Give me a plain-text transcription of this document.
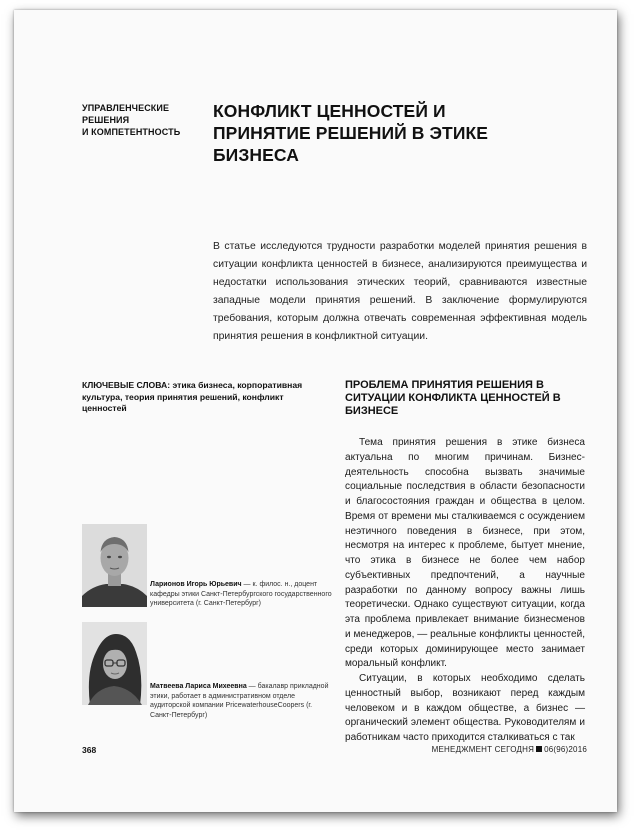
УПРАВЛЕНЧЕСКИЕ
РЕШЕНИЯ
И КОМПЕТЕНТНОСТЬ
КОНФЛИКТ ЦЕННОСТЕЙ И ПРИНЯТИЕ РЕШЕНИЙ В ЭТИКЕ БИЗНЕСА
В статье исследуются трудности разработки моделей принятия решения в ситуации конфликта ценностей в бизнесе, анализируются преимущества и недостатки использования этических теорий, сравниваются известные западные модели принятия решений. В заключение формулируются требования, которым должна отвечать современная эффективная модель принятия решения в конфликтной ситуации.
КЛЮЧЕВЫЕ СЛОВА: этика бизнеса, корпоративная культура, теория принятия решений, конфликт ценностей
ПРОБЛЕМА ПРИНЯТИЯ РЕШЕНИЯ В СИТУАЦИИ КОНФЛИКТА ЦЕННОСТЕЙ В БИЗНЕСЕ

Тема принятия решения в этике бизнеса актуальна по многим причинам. Бизнес-деятельность способна вызвать значимые социальные последствия в области безопасности и благосостояния граждан и общества в целом. Время от времени мы сталкиваемся с осуждением неэтичного поведения в бизнесе, при этом, несмотря на интерес к проблеме, бытует мнение, что этика в бизнесе не более чем набор субъективных предпочтений, а научные разработки по данному вопросу важны лишь теоретически. Однако существуют ситуации, когда эта проблема привлекает внимание бизнесменов и менеджеров, — реальные конфликты ценностей, среди которых доминирующее место занимает моральный конфликт.

Ситуации, в которых необходимо сделать ценностный выбор, возникают перед каждым человеком и в каждом обществе, а бизнес — органический элемент общества. Руководителям и работникам часто приходится сталкиваться с так

Ларионов Игорь Юрьевич — к. филос. н., доцент кафедры этики Санкт-Петербургского государственного университета (г. Санкт-Петербург)
Матвеева Лариса Михеевна — бакалавр прикладной этики, работает в административном отделе аудиторской компании PricewaterhouseCoopers (г. Санкт-Петербург)
368	МЕНЕДЖМЕНТ СЕГОДНЯ 06(96)2016
